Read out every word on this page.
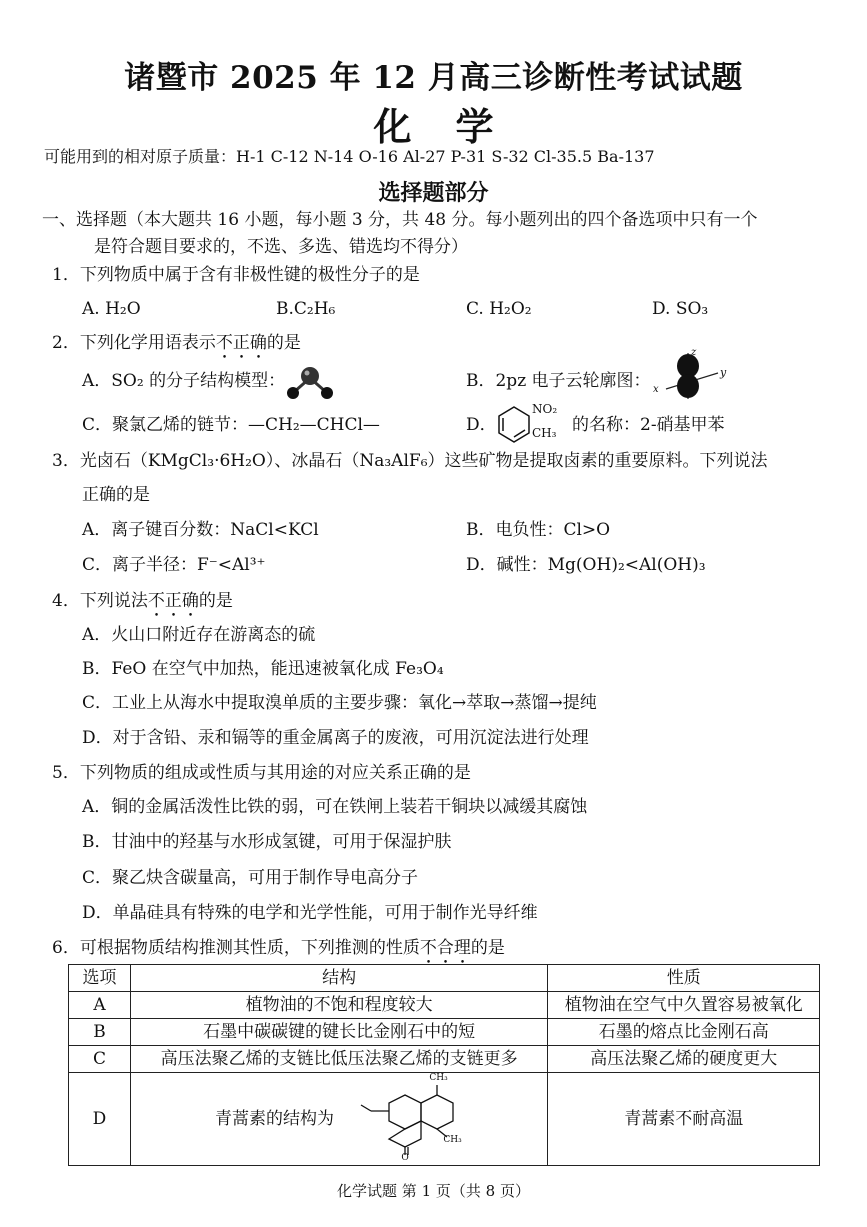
诸暨市 2025 年 12 月高三诊断性考试试题
化学
可能用到的相对原子质量：H-1 C-12 N-14 O-16 Al-27 P-31 S-32 Cl-35.5 Ba-137
选择题部分
一、选择题（本大题共 16 小题，每小题 3 分，共 48 分。每小题列出的四个备选项中只有一个
是符合题目要求的，不选、多选、错选均不得分）
1．下列物质中属于含有非极性键的极性分子的是
A. H₂O	B.C₂H₆	C. H₂O₂	D. SO₃
2．下列化学用语表示不正确的是
A．SO₂ 的分子结构模型：	B．2pz 电子云轮廓图：
z
y
x
C．聚氯乙烯的链节：—CH₂—CHCl—	D．
NO₂
CH₃ 的名称：2-硝基甲苯
3．光卤石（KMgCl₃·6H₂O）、冰晶石（Na₃AlF₆）这些矿物是提取卤素的重要原料。下列说法
正确的是
A．离子键百分数：NaCl<KCl	B．电负性：Cl>O
C．离子半径：F⁻<Al³⁺	D．碱性：Mg(OH)₂<Al(OH)₃
4．下列说法不正确的是
A．火山口附近存在游离态的硫
B．FeO 在空气中加热，能迅速被氧化成 Fe₃O₄
C．工业上从海水中提取溴单质的主要步骤：氧化→萃取→蒸馏→提纯
D．对于含铅、汞和镉等的重金属离子的废液，可用沉淀法进行处理
5．下列物质的组成或性质与其用途的对应关系正确的是
A．铜的金属活泼性比铁的弱，可在铁闸上装若干铜块以减缓其腐蚀
B．甘油中的羟基与水形成氢键，可用于保湿护肤
C．聚乙炔含碳量高，可用于制作导电高分子
D．单晶硅具有特殊的电学和光学性能，可用于制作光导纤维
6．可根据物质结构推测其性质，下列推测的性质不合理的是
选项	结构	性质
A	植物油的不饱和程度较大	植物油在空气中久置容易被氧化
B	石墨中碳碳键的键长比金刚石中的短	石墨的熔点比金刚石高
C	高压法聚乙烯的支链比低压法聚乙烯的支链更多	高压法聚乙烯的硬度更大
D	青蒿素的结构为
CH₃
CH₃
O	青蒿素不耐高温
化学试题 第 1 页（共 8 页）
